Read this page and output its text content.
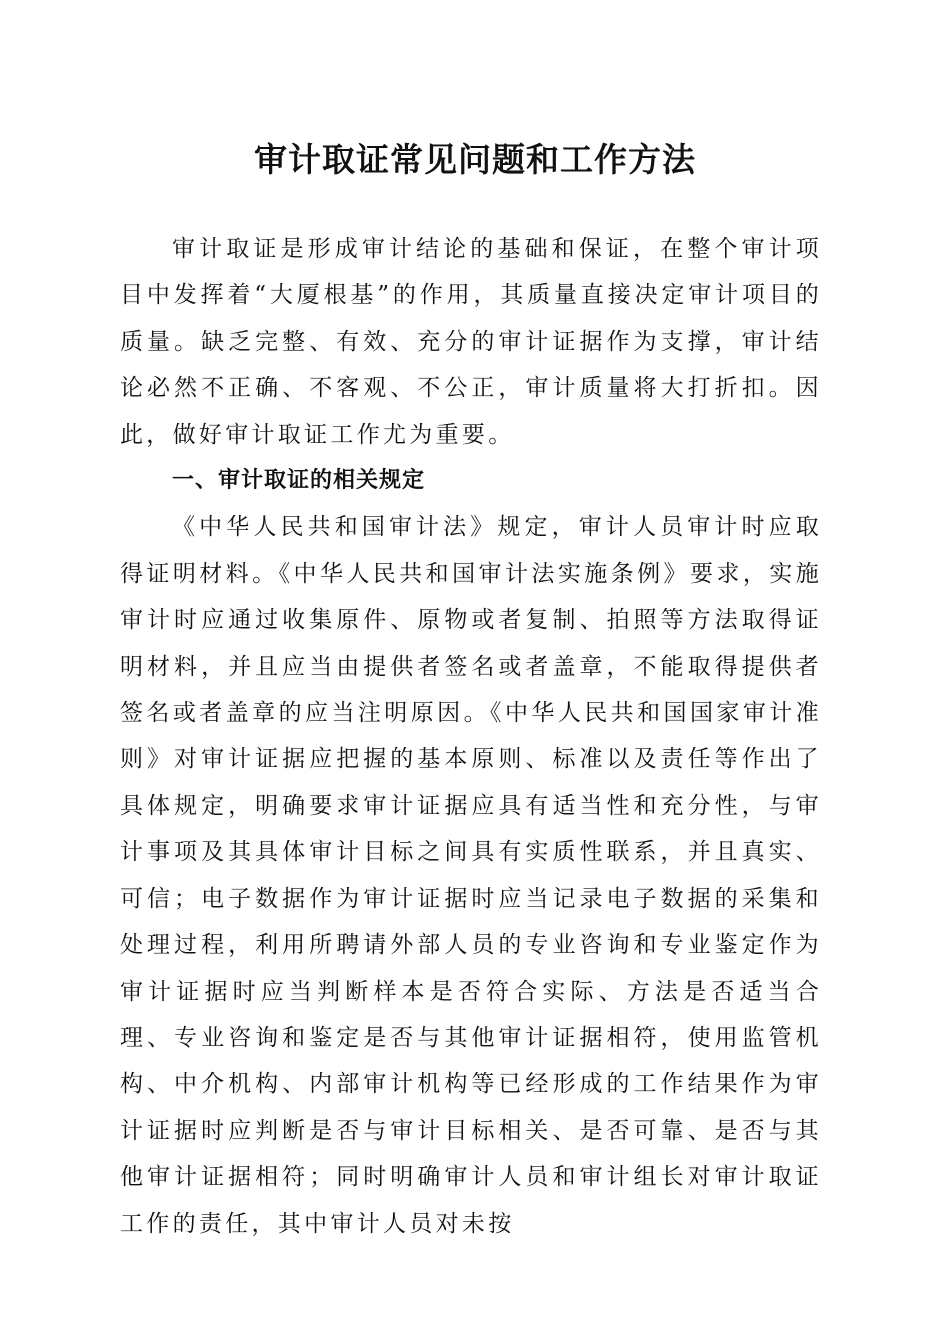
审计取证常见问题和工作方法

审计取证是形成审计结论的基础和保证，在整个审计项目中发挥着“大厦根基”的作用，其质量直接决定审计项目的质量。缺乏完整、有效、充分的审计证据作为支撑，审计结论必然不正确、不客观、不公正，审计质量将大打折扣。因此，做好审计取证工作尤为重要。

一、审计取证的相关规定

《中华人民共和国审计法》规定，审计人员审计时应取得证明材料。《中华人民共和国审计法实施条例》要求，实施审计时应通过收集原件、原物或者复制、拍照等方法取得证明材料，并且应当由提供者签名或者盖章，不能取得提供者签名或者盖章的应当注明原因。《中华人民共和国国家审计准则》对审计证据应把握的基本原则、标准以及责任等作出了具体规定，明确要求审计证据应具有适当性和充分性，与审计事项及其具体审计目标之间具有实质性联系，并且真实、可信；电子数据作为审计证据时应当记录电子数据的采集和处理过程，利用所聘请外部人员的专业咨询和专业鉴定作为审计证据时应当判断样本是否符合实际、方法是否适当合理、专业咨询和鉴定是否与其他审计证据相符，使用监管机构、中介机构、内部审计机构等已经形成的工作结果作为审计证据时应判断是否与审计目标相关、是否可靠、是否与其他审计证据相符；同时明确审计人员和审计组长对审计取证工作的责任，其中审计人员对未按
